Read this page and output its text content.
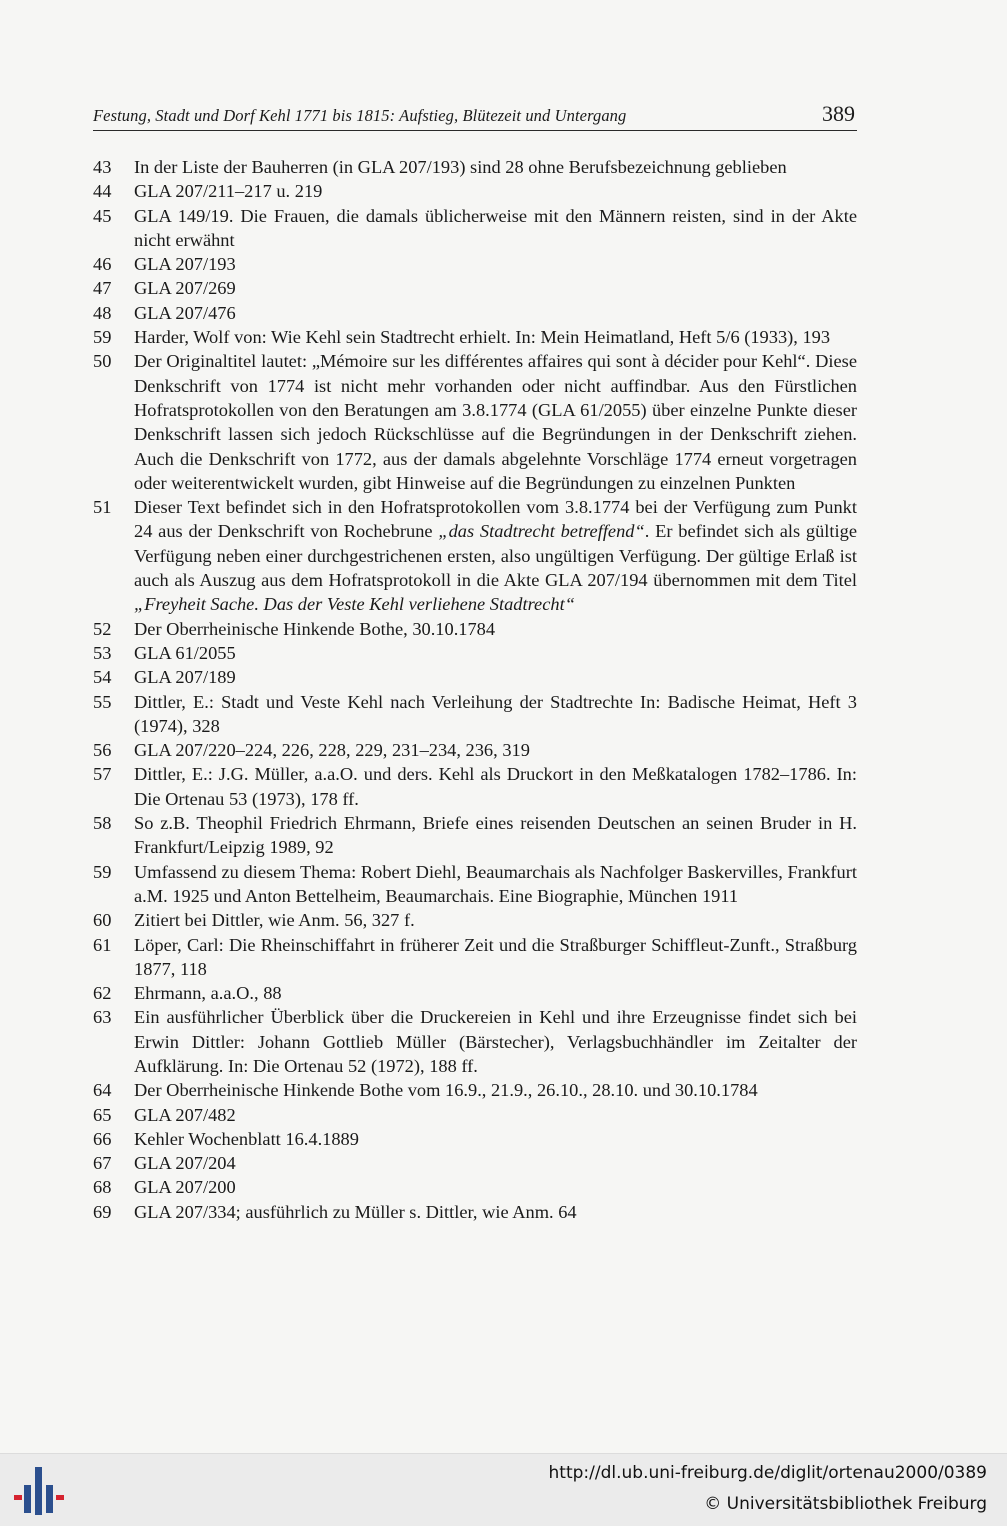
Festung, Stadt und Dorf Kehl 1771 bis 1815: Aufstieg, Blütezeit und Untergang	389
43 In der Liste der Bauherren (in GLA 207/193) sind 28 ohne Berufsbezeichnung geblieben
44 GLA 207/211–217 u. 219
45 GLA 149/19. Die Frauen, die damals üblicherweise mit den Männern reisten, sind in der Akte nicht erwähnt
46 GLA 207/193
47 GLA 207/269
48 GLA 207/476
59 Harder, Wolf von: Wie Kehl sein Stadtrecht erhielt. In: Mein Heimatland, Heft 5/6 (1933), 193
50 Der Originaltitel lautet: „Mémoire sur les différentes affaires qui sont à décider pour Kehl“. Diese Denkschrift von 1774 ist nicht mehr vorhanden oder nicht auffindbar. Aus den Fürstlichen Hofratsprotokollen von den Beratungen am 3.8.1774 (GLA 61/2055) über einzelne Punkte dieser Denkschrift lassen sich jedoch Rückschlüsse auf die Begründungen in der Denkschrift ziehen. Auch die Denkschrift von 1772, aus der damals abgelehnte Vorschläge 1774 erneut vorgetragen oder weiterentwickelt wurden, gibt Hinweise auf die Begründungen zu einzelnen Punkten
51 Dieser Text befindet sich in den Hofratsprotokollen vom 3.8.1774 bei der Verfügung zum Punkt 24 aus der Denkschrift von Rochebrune „das Stadtrecht betreffend“. Er befindet sich als gültige Verfügung neben einer durchgestrichenen ersten, also ungültigen Verfügung. Der gültige Erlaß ist auch als Auszug aus dem Hofratsprotokoll in die Akte GLA 207/194 übernommen mit dem Titel „Freyheit Sache. Das der Veste Kehl verliehene Stadtrecht“
52 Der Oberrheinische Hinkende Bothe, 30.10.1784
53 GLA 61/2055
54 GLA 207/189
55 Dittler, E.: Stadt und Veste Kehl nach Verleihung der Stadtrechte In: Badische Heimat, Heft 3 (1974), 328
56 GLA 207/220–224, 226, 228, 229, 231–234, 236, 319
57 Dittler, E.: J.G. Müller, a.a.O. und ders. Kehl als Druckort in den Meßkatalogen 1782–1786. In: Die Ortenau 53 (1973), 178 ff.
58 So z.B. Theophil Friedrich Ehrmann, Briefe eines reisenden Deutschen an seinen Bruder in H. Frankfurt/Leipzig 1989, 92
59 Umfassend zu diesem Thema: Robert Diehl, Beaumarchais als Nachfolger Baskervilles, Frankfurt a.M. 1925 und Anton Bettelheim, Beaumarchais. Eine Biographie, München 1911
60 Zitiert bei Dittler, wie Anm. 56, 327 f.
61 Löper, Carl: Die Rheinschiffahrt in früherer Zeit und die Straßburger Schiffleut-Zunft., Straßburg 1877, 118
62 Ehrmann, a.a.O., 88
63 Ein ausführlicher Überblick über die Druckereien in Kehl und ihre Erzeugnisse findet sich bei Erwin Dittler: Johann Gottlieb Müller (Bärstecher), Verlagsbuchhändler im Zeitalter der Aufklärung. In: Die Ortenau 52 (1972), 188 ff.
64 Der Oberrheinische Hinkende Bothe vom 16.9., 21.9., 26.10., 28.10. und 30.10.1784
65 GLA 207/482
66 Kehler Wochenblatt 16.4.1889
67 GLA 207/204
68 GLA 207/200
69 GLA 207/334; ausführlich zu Müller s. Dittler, wie Anm. 64
http://dl.ub.uni-freiburg.de/diglit/ortenau2000/0389
© Universitätsbibliothek Freiburg
